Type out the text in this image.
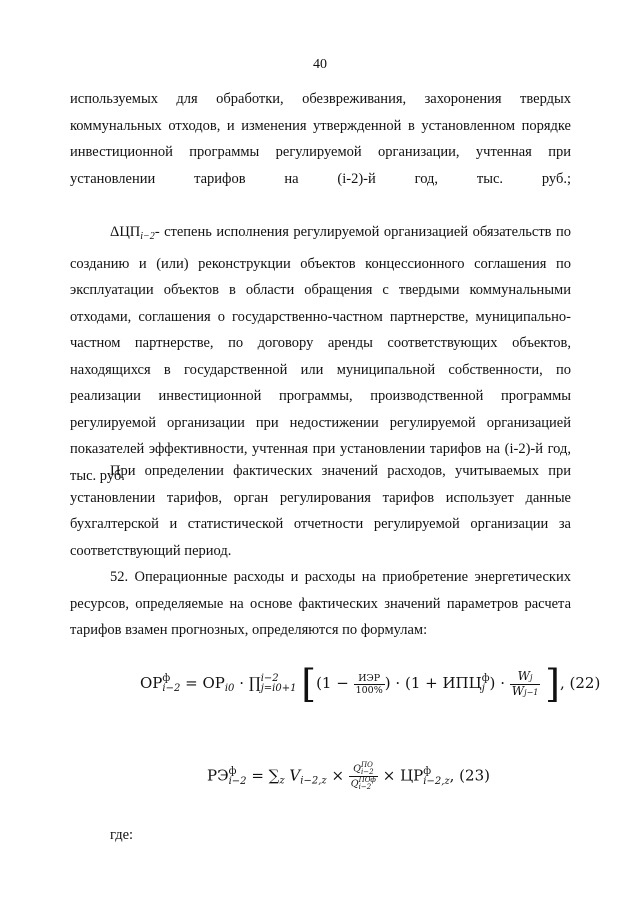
40
используемых для обработки, обезвреживания, захоронения твердых коммунальных отходов, и изменения утвержденной в установленном порядке инвестиционной программы регулируемой организации, учтенная при установлении тарифов на (i-2)-й год, тыс. руб.;
$\Delta ЦП_{i-2}-$ степень исполнения регулируемой организацией обязательств по созданию и (или) реконструкции объектов концессионного соглашения по эксплуатации объектов в области обращения с твердыми коммунальными отходами, соглашения о государственно-частном партнерстве, муниципально-частном партнерстве, по договору аренды соответствующих объектов, находящихся в государственной или муниципальной собственности, по реализации инвестиционной программы, производственной программы регулируемой организации при недостижении регулируемой организацией показателей эффективности, учтенная при установлении тарифов на (i-2)-й год, тыс. руб.
При определении фактических значений расходов, учитываемых при установлении тарифов, орган регулирования тарифов использует данные бухгалтерской и статистической отчетности регулируемой организации за соответствующий период.
52. Операционные расходы и расходы на приобретение энергетических ресурсов, определяемые на основе фактических значений параметров расчета тарифов взамен прогнозных, определяются по формулам:
ОР ф
$i-2 = ОР_{i0}$ · ∏ i−2
j=i0+1 [($1 - \frac{\text{ИЭР}}{100\%}$ ) · (1 + ИПЦ ф
j ) · $\frac{Wj}{Wj-1}$ ], (22)
РЭ ф
$i-2 = \sum_z$ $V_{i-2,z} \times Q$ ПО
i−2
Q ПОф
i−2 × ЦР ф
i−2,z , (23)
где:
